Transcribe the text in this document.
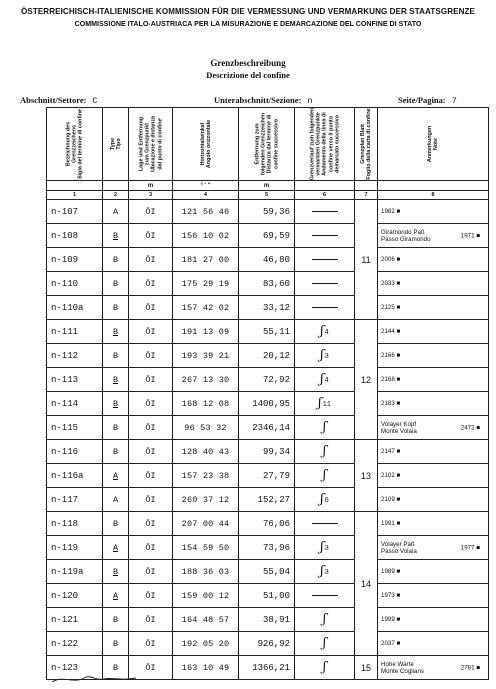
ÖSTERREICHISCH-ITALIENISCHE KOMMISSION FÜR DIE VERMESSUNG UND VERMARKUNG DER STAATSGRENZE
COMMISSIONE ITALO-AUSTRIACA PER LA MISURAZIONE E DEMARCAZIONE DEL CONFINE DI STATO
Grenzbeschreibung
Descrizione del confine
Abschnitt/Settore: C	Unterabschnitt/Sezione: n	Seite/Pagina: 7
Bezeichnung des
Grenzzeichens
Sigla del termine di confine	Type
Tipo	Lage und Entfernung
zum Grenzpunkt
Ubicazione e distanza
dal punto di confine	Horizontalwinkel
Angolo orizzontale	Entfernung zum
folgenden Grenzzeichen
Distanza dal termine di
confine successivo	Grenzverlauf zum folgenden
vermarkten Grenzpunkte
Andamento della linea di
confine verso il punto
demarcato successivo	Grenzplan Blatt
Foglio della carta di confine	Anmerkungen
Note

		m	° ' ''	m			
1	2	3	4	5	6	7	8
n-107	A	ÖI	121 56 46	59,36		11	1982 ■

n-108	B	ÖI	156 10 02	69,59			Giramondo Paß
Passo Giramondo 1971 ■

n-109	B	ÖI	181 27 00	46,80			2006 ■

n-110	B	ÖI	175 29 19	83,60			2033 ■

n-110a	B	ÖI	157 42 02	33,12			2125 ■

n-111	B	ÖI	191 13 09	55,11	ʃ4	12	2144 ■

n-112	B	ÖI	193 39 21	20,12	ʃ3		2166 ■

n-113	B	ÖI	267 13 30	72,92	ʃ4		2168 ■

n-114	B	ÖI	168 12 08	1400,95	ʃ11		2183 ■

n-115	B	ÖI	96 53 32	2346,14	ʃ		Volayer Kopf
Monte Volaia 2472 ■

n-116	B	ÖI	128 40 43	99,34	ʃ	13	2147 ■

n-116a	A	ÖI	157 23 38	27,79	ʃ		2102 ■

n-117	A	ÖI	260 37 12	152,27	ʃ6		2109 ■

n-118	B	ÖI	207 00 44	76,06		14	1991 ■

n-119	A	ÖI	154 59 50	73,96	ʃ3		Volayer Paß
Passo Volaia 1977 ■

n-119a	B	ÖI	188 36 03	55,04	ʃ3		1989 ■

n-120	A	ÖI	159 00 12	51,00			1973 ■

n-121	B	ÖI	164 48 57	38,91	ʃ		1999 ■

n-122	B	ÖI	192 05 20	926,92	ʃ		2037 ■

n-123	B	ÖI	163 10 49	1366,21	ʃ	15	Hohe Warte
Monte Coglians 2781 ■
